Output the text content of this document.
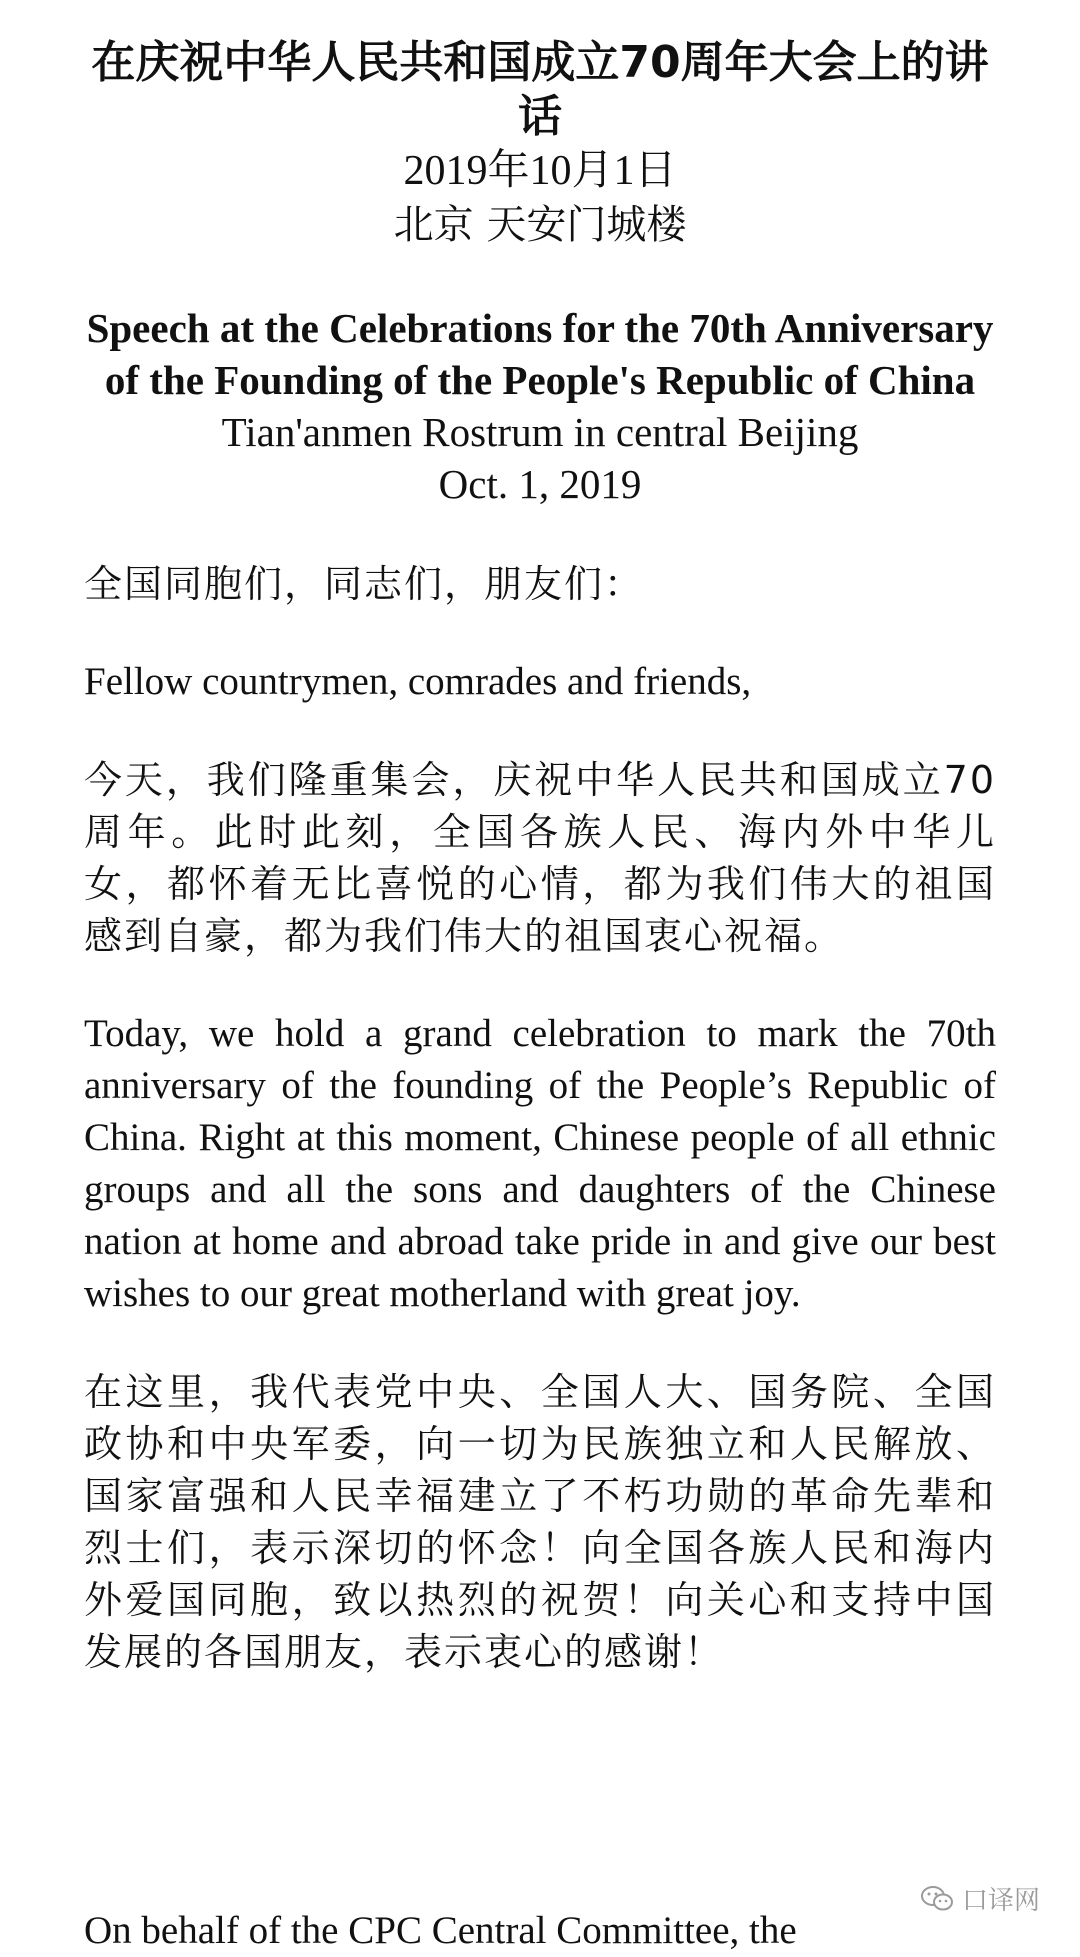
在庆祝中华人民共和国成立70周年大会上的讲话

2019年10月1日

北京 天安门城楼

Speech at the Celebrations for the 70th Anniversary of the Founding of the People's Republic of China

Tian'anmen Rostrum in central Beijing

Oct. 1, 2019

全国同胞们，同志们，朋友们：

Fellow countrymen, comrades and friends,

今天，我们隆重集会，庆祝中华人民共和国成立70周年。此时此刻，全国各族人民、海内外中华儿女，都怀着无比喜悦的心情，都为我们伟大的祖国感到自豪，都为我们伟大的祖国衷心祝福。

Today, we hold a grand celebration to mark the 70th anniversary of the founding of the People’s Republic of China. Right at this moment, Chinese people of all ethnic groups and all the sons and daughters of the Chinese nation at home and abroad take pride in and give our best wishes to our great motherland with great joy.

在这里，我代表党中央、全国人大、国务院、全国政协和中央军委，向一切为民族独立和人民解放、国家富强和人民幸福建立了不朽功勋的革命先辈和烈士们，表示深切的怀念！向全国各族人民和海内外爱国同胞，致以热烈的祝贺！向关心和支持中国发展的各国朋友，表示衷心的感谢！

On behalf of the CPC Central Committee, the
口译网
